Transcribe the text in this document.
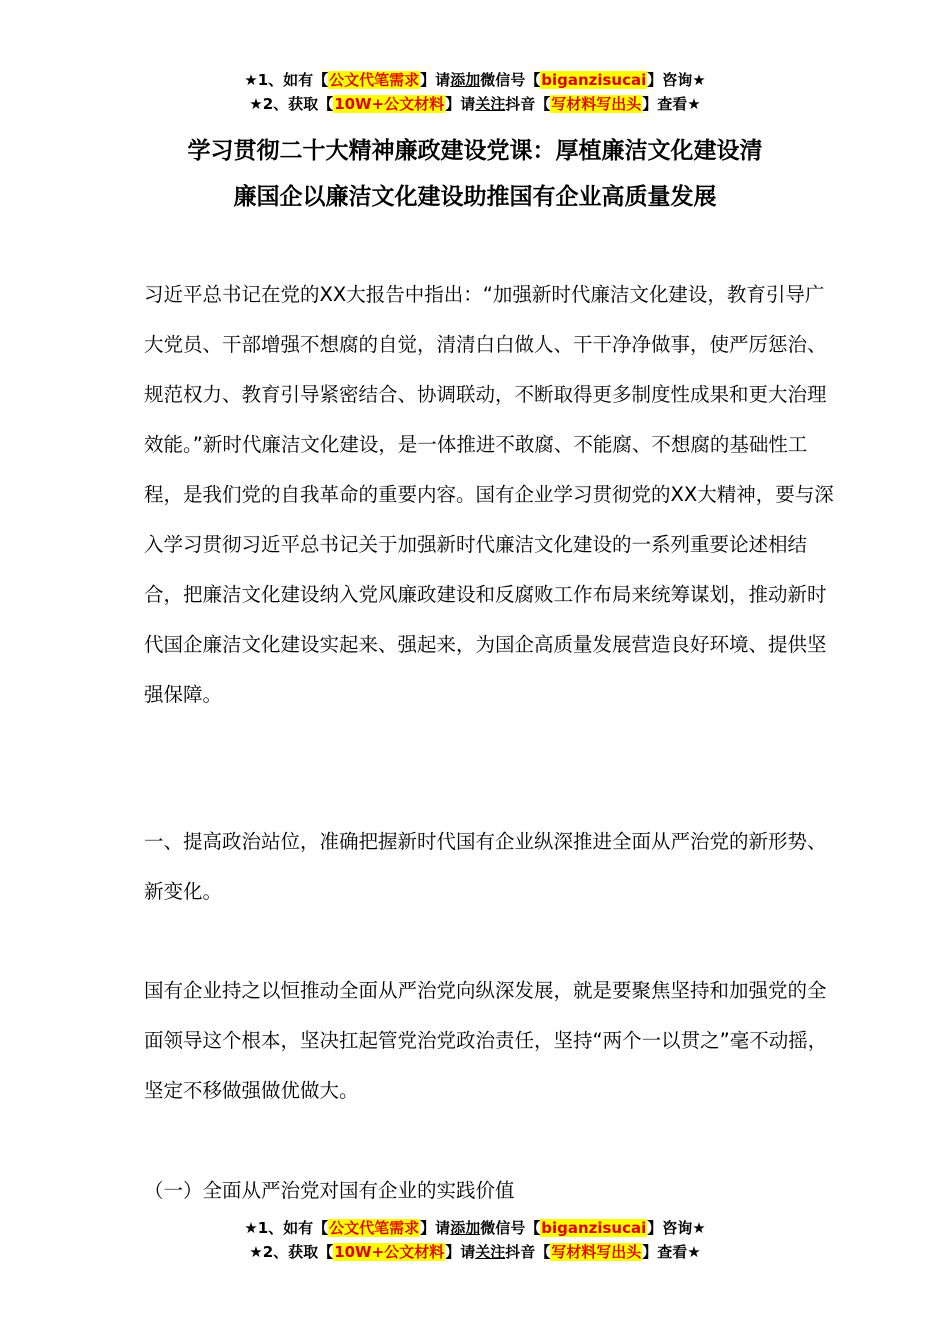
★1、如有【公文代笔需求】请添加微信号【biganzisucai】咨询★
★2、获取【10W+公文材料】请关注抖音【写材料写出头】查看★
学习贯彻二十大精神廉政建设党课：厚植廉洁文化建设清
廉国企以廉洁文化建设助推国有企业高质量发展

习近平总书记在党的XX大报告中指出：“加强新时代廉洁文化建设，教育引导广大党员、干部增强不想腐的自觉，清清白白做人、干干净净做事，使严厉惩治、规范权力、教育引导紧密结合、协调联动，不断取得更多制度性成果和更大治理效能。”新时代廉洁文化建设，是一体推进不敢腐、不能腐、不想腐的基础性工程，是我们党的自我革命的重要内容。国有企业学习贯彻党的XX大精神，要与深入学习贯彻习近平总书记关于加强新时代廉洁文化建设的一系列重要论述相结合，把廉洁文化建设纳入党风廉政建设和反腐败工作布局来统筹谋划，推动新时代国企廉洁文化建设实起来、强起来，为国企高质量发展营造良好环境、提供坚强保障。

一、提高政治站位，准确把握新时代国有企业纵深推进全面从严治党的新形势、新变化。

国有企业持之以恒推动全面从严治党向纵深发展，就是要聚焦坚持和加强党的全面领导这个根本，坚决扛起管党治党政治责任，坚持“两个一以贯之”毫不动摇，坚定不移做强做优做大。

（一）全面从严治党对国有企业的实践价值

★1、如有【公文代笔需求】请添加微信号【biganzisucai】咨询★
★2、获取【10W+公文材料】请关注抖音【写材料写出头】查看★
